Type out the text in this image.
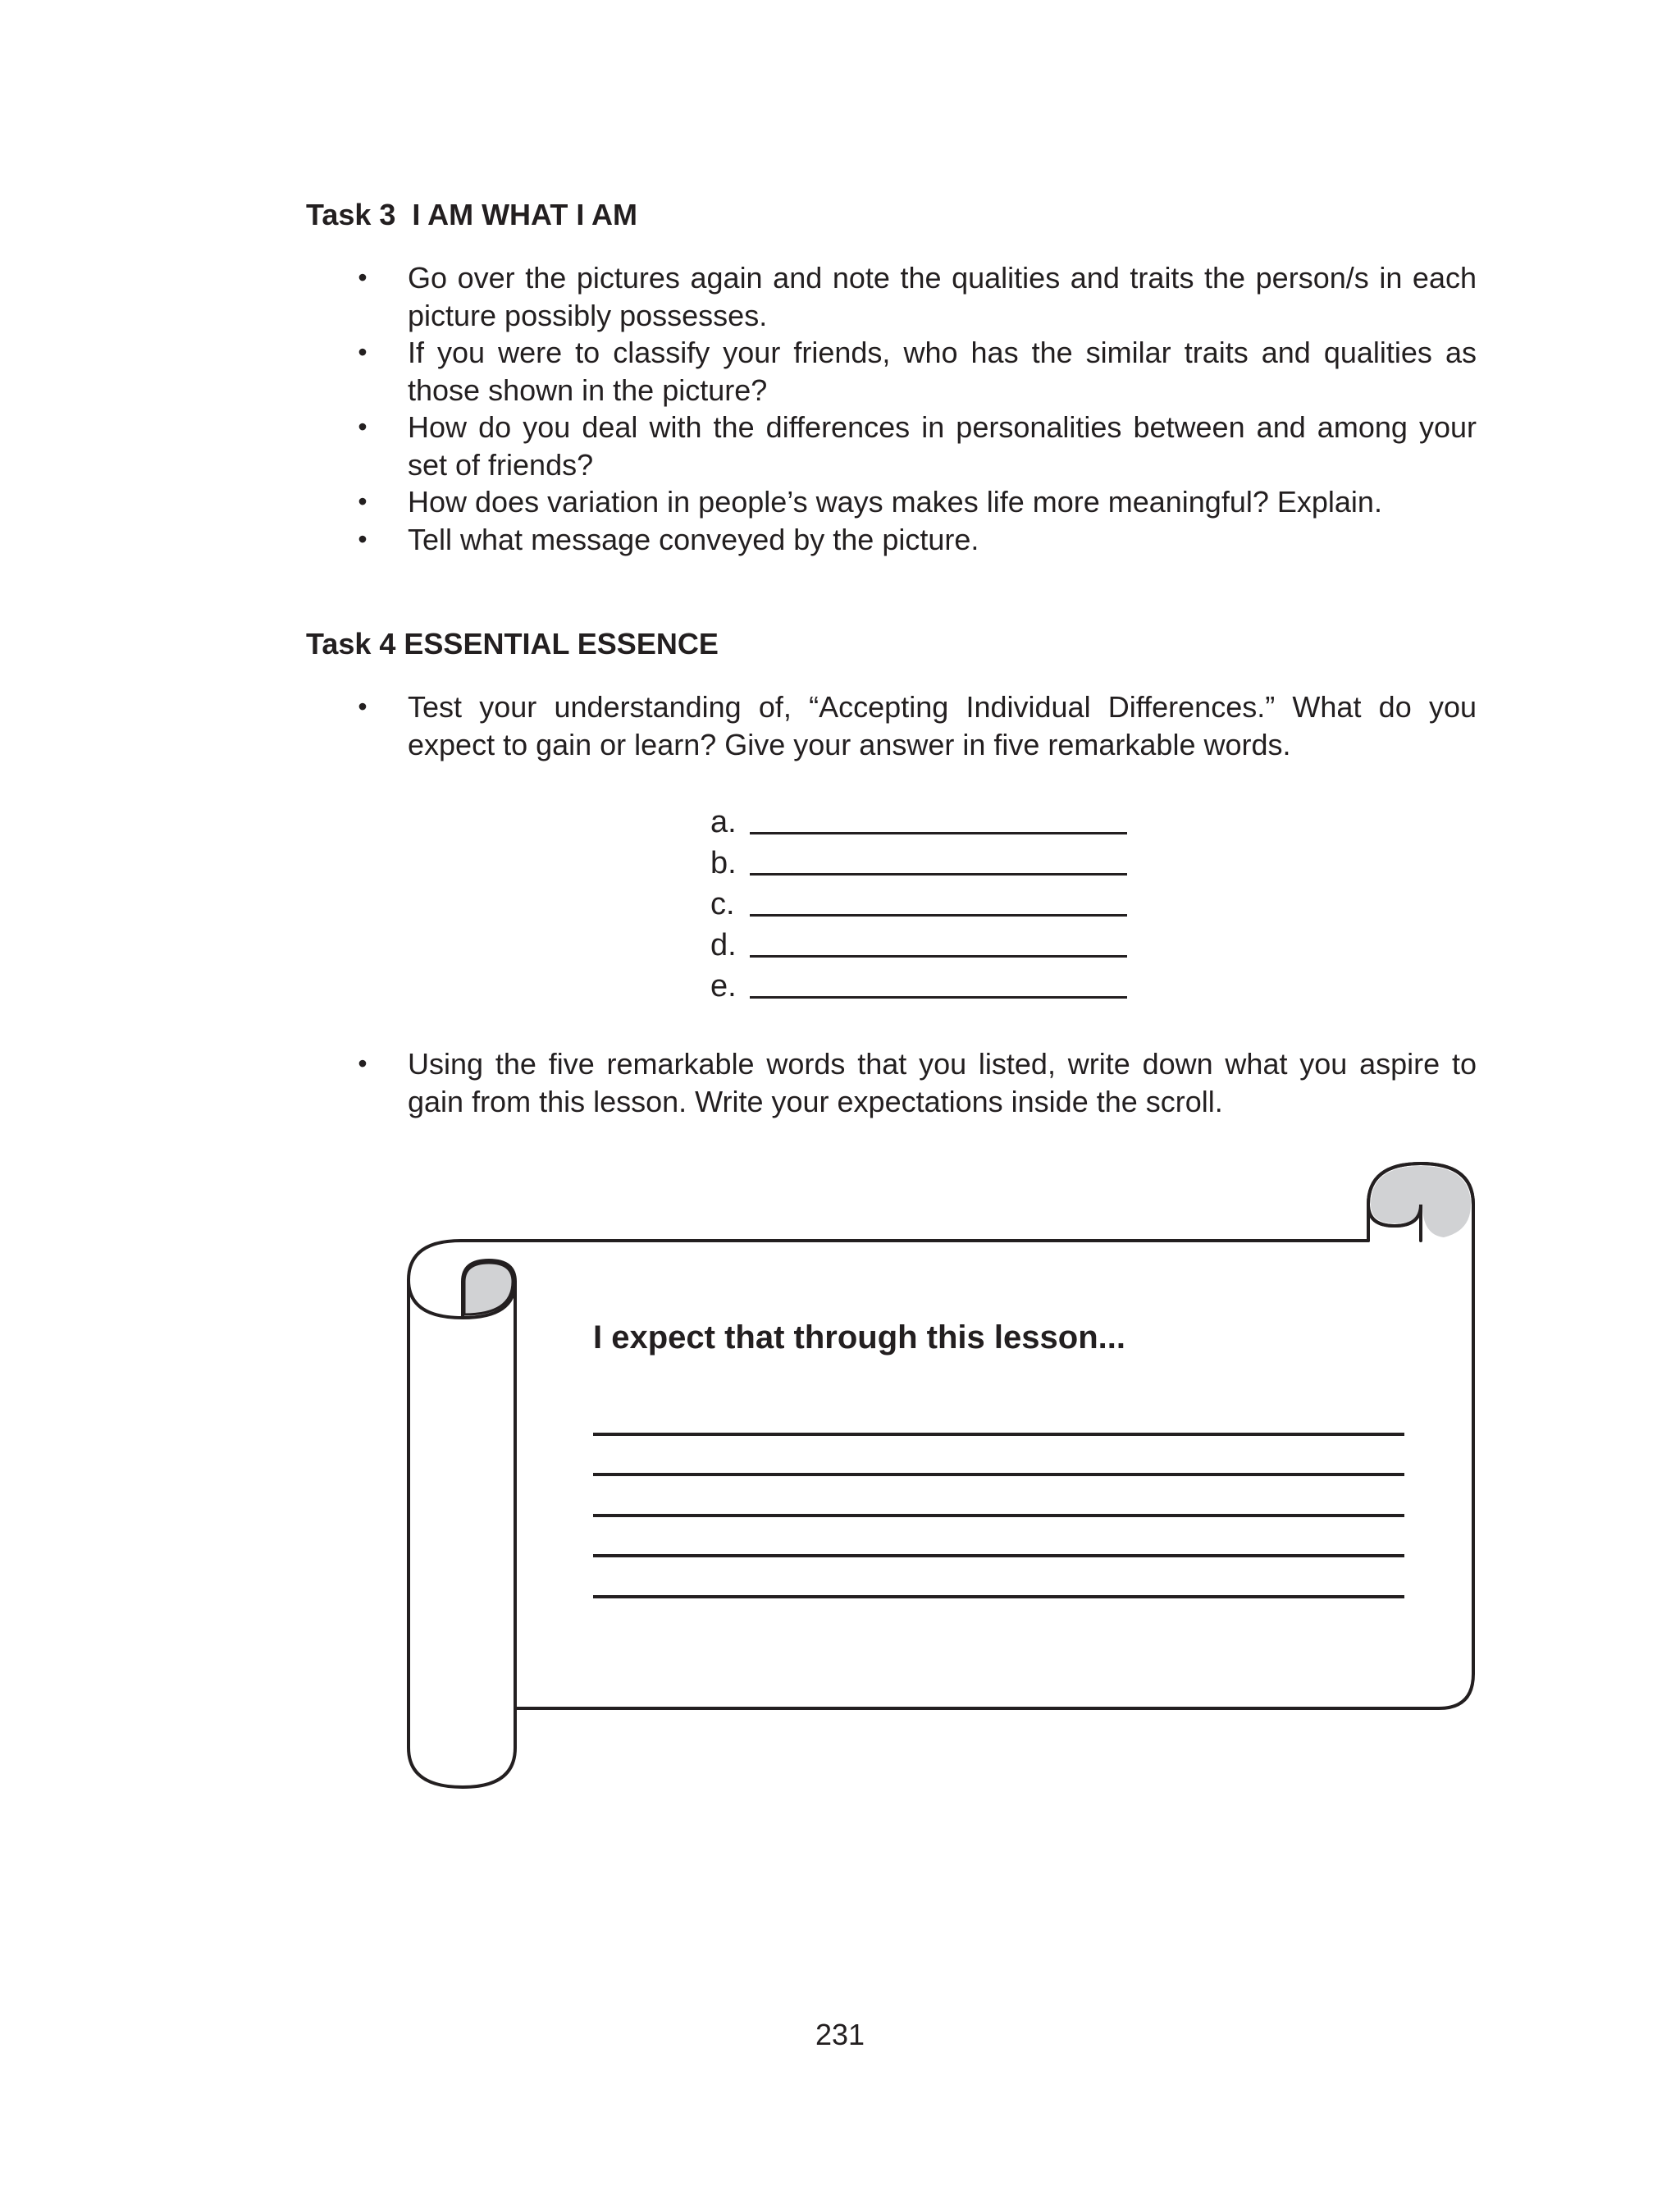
Task 3  I AM WHAT I AM
• Go over the pictures again and note the qualities and traits the person/s in each picture possibly possesses.
• If you were to classify your friends, who has the similar traits and qualities as those shown in the picture?
• How do you deal with the differences in personalities between and among your set of friends?
• How does variation in people’s ways makes life more meaningful? Explain.
• Tell what message conveyed by the picture.
Task 4 ESSENTIAL ESSENCE
• Test your understanding of, “Accepting Individual Differences.” What do you expect to gain or learn? Give your answer in five remarkable words.
a.
b.
c.
d.
e.
• Using the five remarkable words that you listed, write down what you aspire to gain from this lesson. Write your expectations inside the scroll.
I expect that through this lesson...
231
